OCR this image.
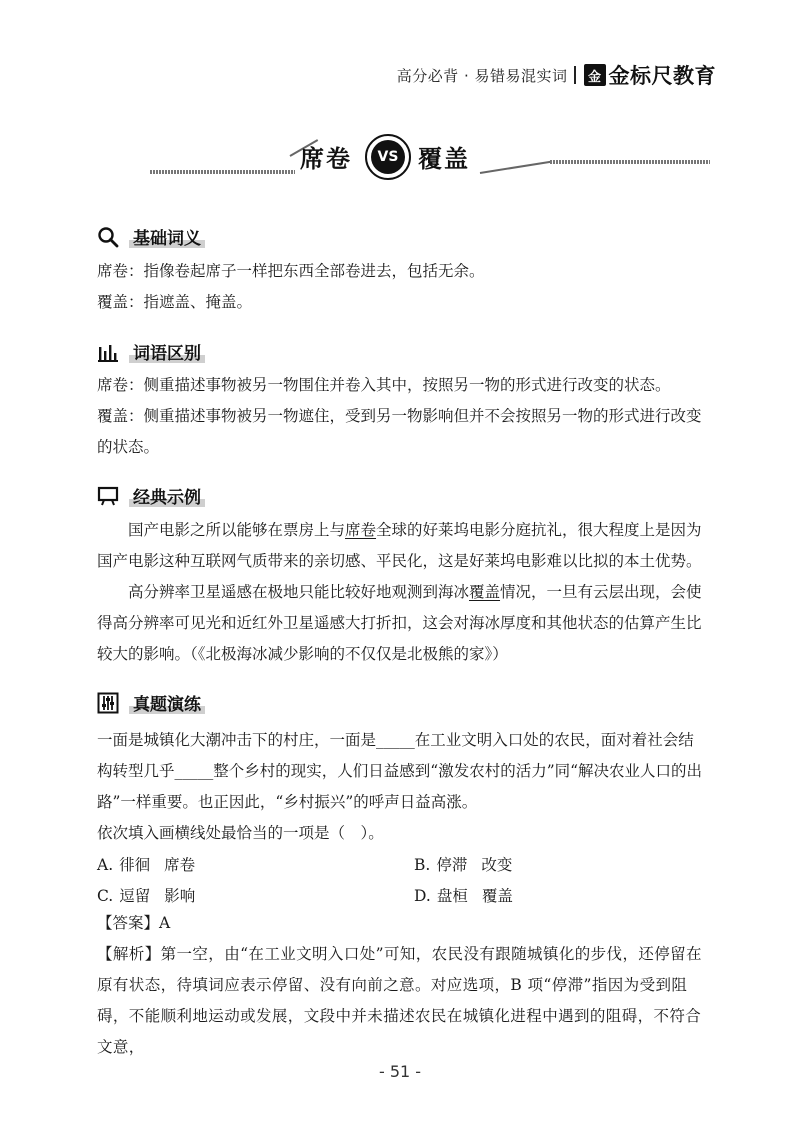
高分必背 · 易错易混实词 金 金标尺教育
席卷	VS 覆盖
基础词义
席卷：指像卷起席子一样把东西全部卷进去，包括无余。
覆盖：指遮盖、掩盖。
词语区别
席卷：侧重描述事物被另一物围住并卷入其中，按照另一物的形式进行改变的状态。
覆盖：侧重描述事物被另一物遮住，受到另一物影响但并不会按照另一物的形式进行改变的状态。
经典示例
国产电影之所以能够在票房上与席卷全球的好莱坞电影分庭抗礼，很大程度上是因为国产电影这种互联网气质带来的亲切感、平民化，这是好莱坞电影难以比拟的本土优势。
高分辨率卫星遥感在极地只能比较好地观测到海冰覆盖情况，一旦有云层出现，会使得高分辨率可见光和近红外卫星遥感大打折扣，这会对海冰厚度和其他状态的估算产生比较大的影响。（《北极海冰减少影响的不仅仅是北极熊的家》）
真题演练
一面是城镇化大潮冲击下的村庄，一面是_____在工业文明入口处的农民，面对着社会结构转型几乎_____整个乡村的现实，人们日益感到“激发农村的活力”同“解决农业人口的出路”一样重要。也正因此，“乡村振兴”的呼声日益高涨。
依次填入画横线处最恰当的一项是（　）。
A. 徘徊 席卷	B. 停滞 改变
C. 逗留 影响	D. 盘桓 覆盖
【答案】A
【解析】第一空，由“在工业文明入口处”可知，农民没有跟随城镇化的步伐，还停留在原有状态，待填词应表示停留、没有向前之意。对应选项，B 项“停滞”指因为受到阻碍，不能顺利地运动或发展，文段中并未描述农民在城镇化进程中遇到的阻碍，不符合文意，
- 51 -
